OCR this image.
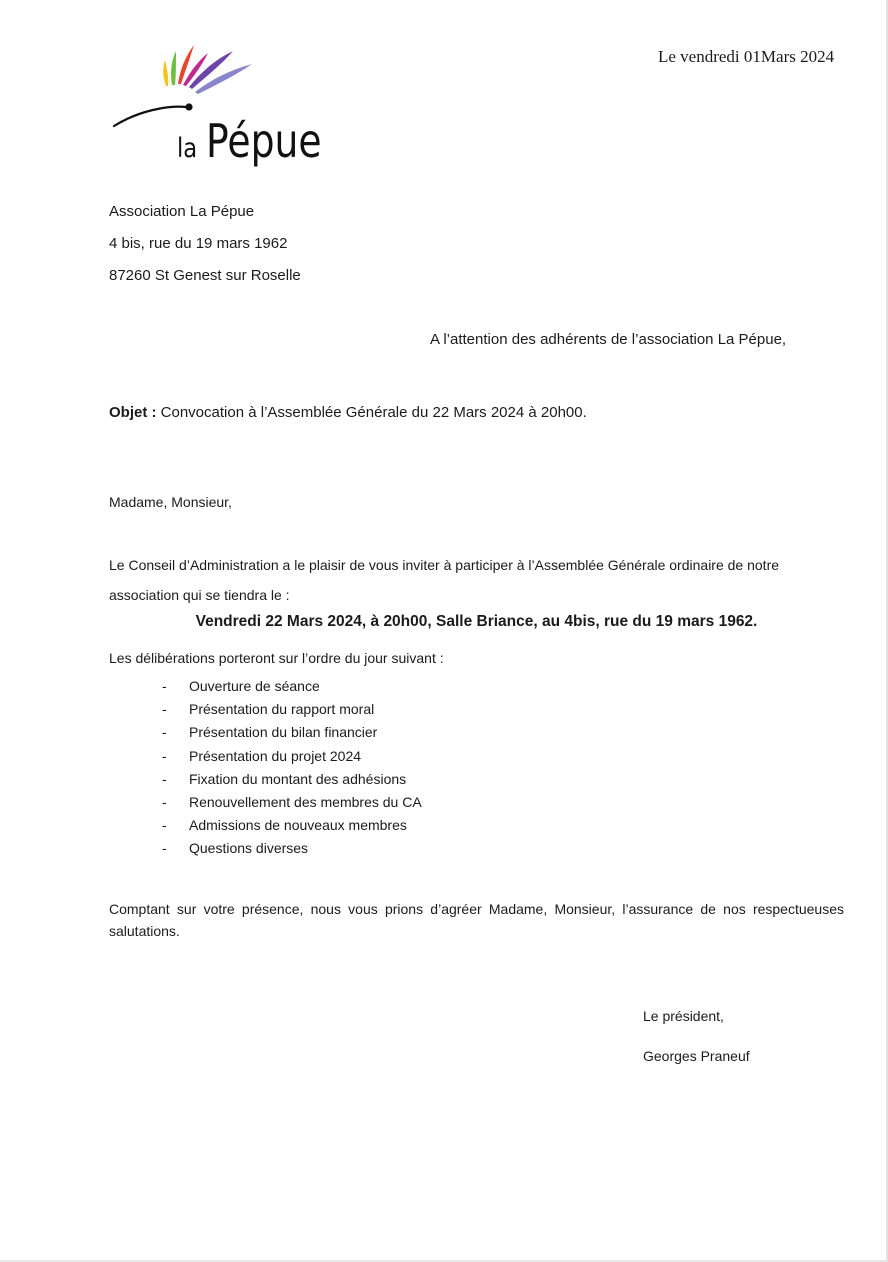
la Pépue

Le vendredi 01Mars 2024

Association La Pépue

4 bis, rue du 19 mars 1962

87260 St Genest sur Roselle

A l’attention des adhérents de l’association La Pépue,

Objet : Convocation à l’Assemblée Générale du 22 Mars 2024 à 20h00.

Madame, Monsieur,

Le Conseil d’Administration a le plaisir de vous inviter à participer à l’Assemblée Générale ordinaire de notre association qui se tiendra le :

Vendredi 22 Mars 2024, à 20h00, Salle Briance, au 4bis, rue du 19 mars 1962.

Les délibérations porteront sur l’ordre du jour suivant :

- Ouverture de séance
- Présentation du rapport moral
- Présentation du bilan financier
- Présentation du projet 2024
- Fixation du montant des adhésions
- Renouvellement des membres du CA
- Admissions de nouveaux membres
- Questions diverses

Comptant sur votre présence, nous vous prions d’agréer Madame, Monsieur, l’assurance de nos respectueuses salutations.

Le président,

Georges Praneuf
